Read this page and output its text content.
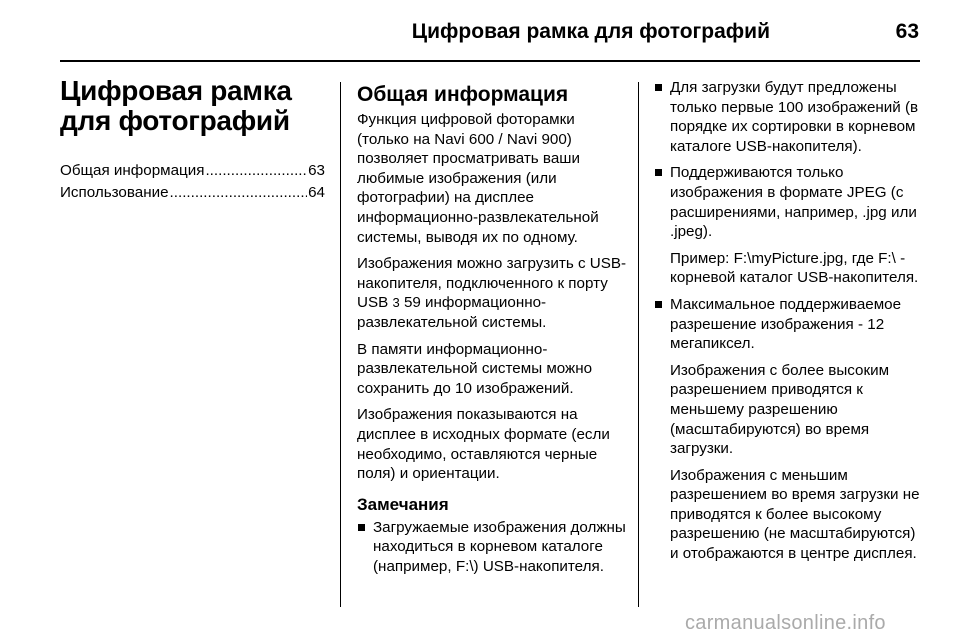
Цифровая рамка для фотографий	63
Цифровая рамка для фотографий
Общая информация .....	63
Использование .....	64
Общая информация

Функция цифровой фоторамки (только на Navi 600 / Navi 900) позволяет просматривать ваши любимые изображения (или фотографии) на дисплее информационно-развлекательной системы, выводя их по одному.

Изображения можно загрузить с USB-накопителя, подключенного к порту USB 3 59 информационно-развлекательной системы.

В памяти информационно-развлекательной системы можно сохранить до 10 изображений.

Изображения показываются на дисплее в исходных формате (если необходимо, оставляются черные поля) и ориентации.

Замечания

Загружаемые изображения должны находиться в корневом каталоге (например, F:\) USB-накопителя.

Для загрузки будут предложены только первые 100 изображений (в порядке их сортировки в корневом каталоге USB-накопителя).

Поддерживаются только изображения в формате JPEG (с расширениями, например, .jpg или .jpeg).

Пример: F:\myPicture.jpg, где F:\ - корневой каталог USB-накопителя.

Максимальное поддерживаемое разрешение изображения - 12 мегапиксел.

Изображения с более высоким разрешением приводятся к меньшему разрешению (масштабируются) во время загрузки.

Изображения с меньшим разрешением во время загрузки не приводятся к более высокому разрешению (не масштабируются) и отображаются в центре дисплея.

carmanualsonline.info
